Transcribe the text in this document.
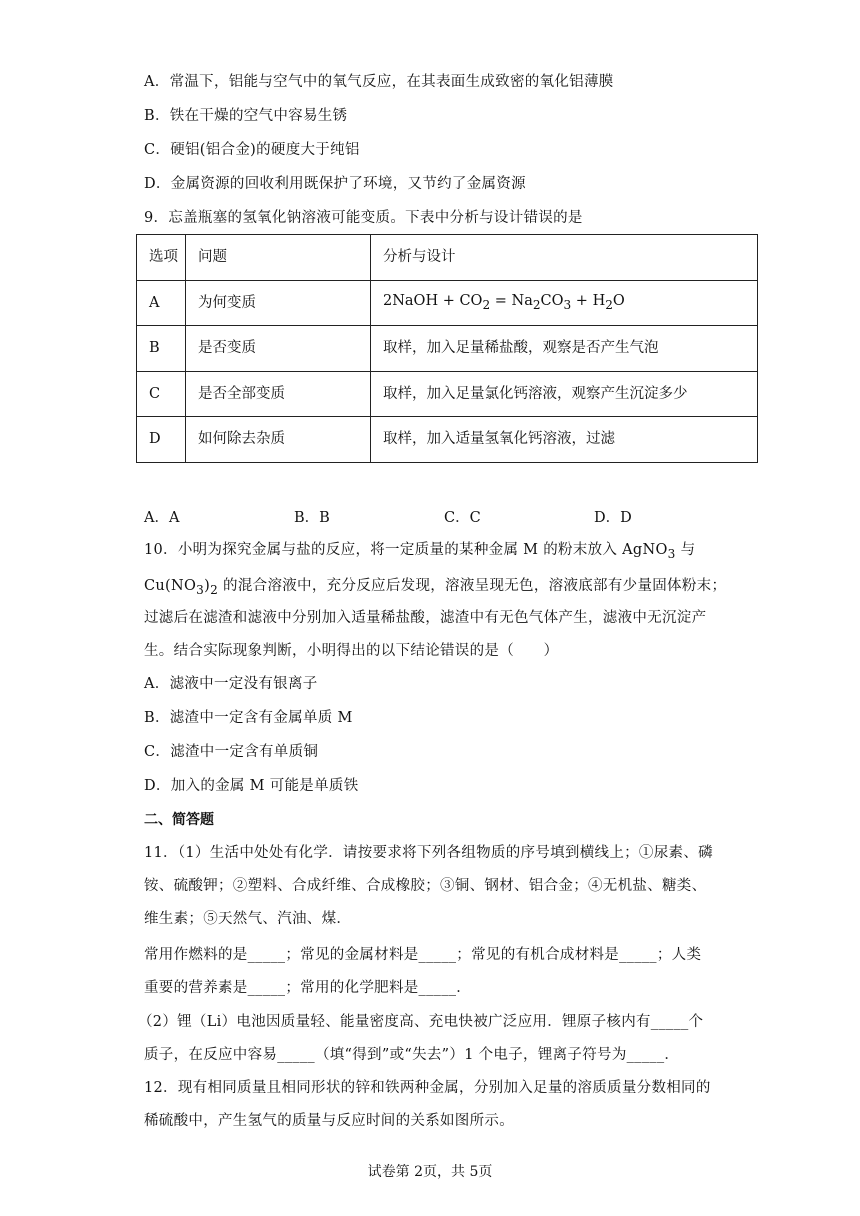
A．常温下，铝能与空气中的氧气反应，在其表面生成致密的氧化铝薄膜
B．铁在干燥的空气中容易生锈
C．硬铝(铝合金)的硬度大于纯铝
D．金属资源的回收利用既保护了环境，又节约了金属资源
9．忘盖瓶塞的氢氧化钠溶液可能变质。下表中分析与设计错误的是
选项	问题	分析与设计
A	为何变质	2NaOH + $CO_2 = Na_2CO_3 + H_2O$
B	是否变质	取样，加入足量稀盐酸，观察是否产生气泡
C	是否全部变质	取样，加入足量氯化钙溶液，观察产生沉淀多少
D	如何除去杂质	取样，加入适量氢氧化钙溶液，过滤
A．A	B．B	C．C	D．D
10．小明为探究金属与盐的反应，将一定质量的某种金属 M 的粉末放入 AgNO$_3$ 与
$Cu(NO_3)_2$ 的混合溶液中，充分反应后发现，溶液呈现无色，溶液底部有少量固体粉末；
过滤后在滤渣和滤液中分别加入适量稀盐酸，滤渣中有无色气体产生，滤液中无沉淀产
生。结合实际现象判断，小明得出的以下结论错误的是（　　）
A．滤液中一定没有银离子
B．滤渣中一定含有金属单质 M
C．滤渣中一定含有单质铜
D．加入的金属 M 可能是单质铁
二、简答题
11．（1）生活中处处有化学．请按要求将下列各组物质的序号填到横线上；①尿素、磷
铵、硫酸钾；②塑料、合成纤维、合成橡胶；③铜、钢材、铝合金；④无机盐、糖类、
维生素；⑤天然气、汽油、煤．
常用作燃料的是_____；常见的金属材料是_____；常见的有机合成材料是_____；人类
重要的营养素是_____；常用的化学肥料是_____．
（2）锂（Li）电池因质量轻、能量密度高、充电快被广泛应用．锂原子核内有_____个
质子，在反应中容易_____（填“得到”或“失去”）1 个电子，锂离子符号为_____．
12．现有相同质量且相同形状的锌和铁两种金属，分别加入足量的溶质质量分数相同的
稀硫酸中，产生氢气的质量与反应时间的关系如图所示。
试卷第 2页，共 5页
